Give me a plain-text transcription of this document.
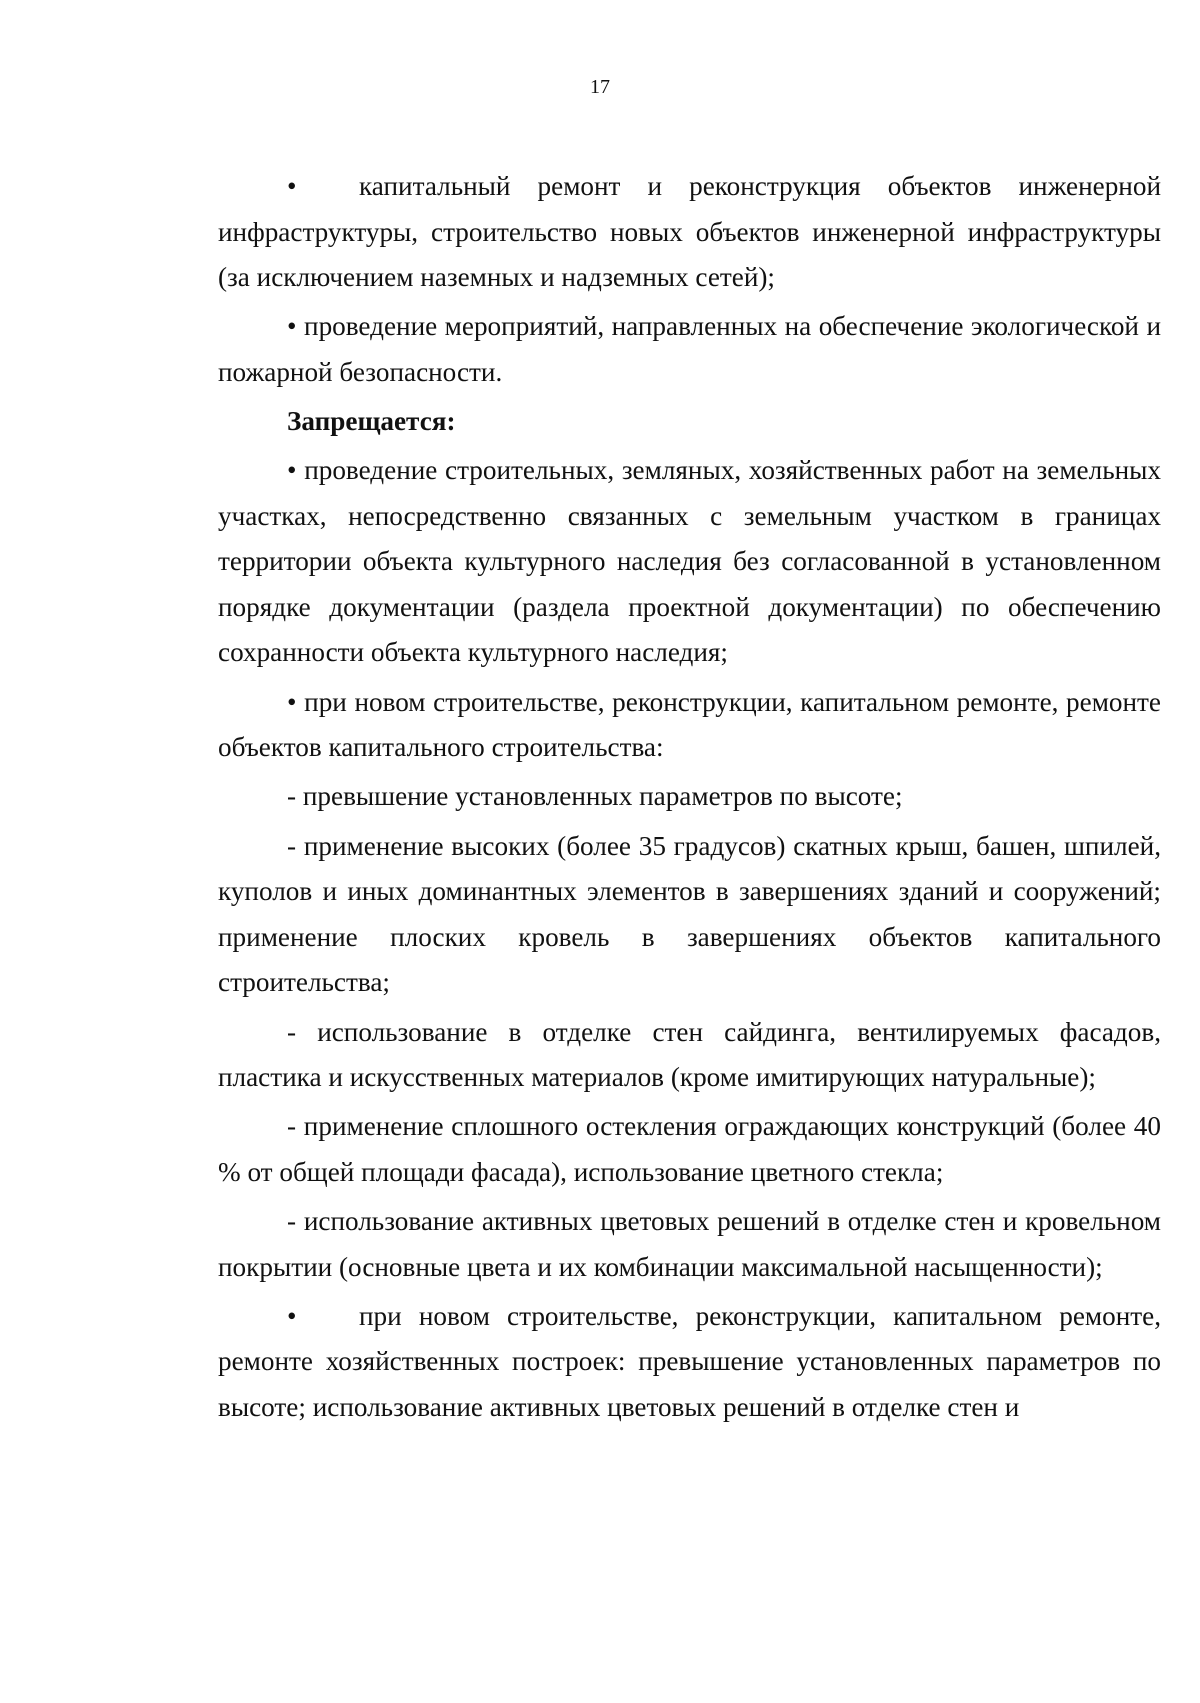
17

• капитальный ремонт и реконструкция объектов инженерной инфраструктуры, строительство новых объектов инженерной инфраструктуры (за исключением наземных и надземных сетей);

• проведение мероприятий, направленных на обеспечение экологической и пожарной безопасности.

Запрещается:

• проведение строительных, земляных, хозяйственных работ на земельных участках, непосредственно связанных с земельным участком в границах территории объекта культурного наследия без согласованной в установленном порядке документации (раздела проектной документации) по обеспечению сохранности объекта культурного наследия;

• при новом строительстве, реконструкции, капитальном ремонте, ремонте объектов капитального строительства:

- превышение установленных параметров по высоте;

- применение высоких (более 35 градусов) скатных крыш, башен, шпилей, куполов и иных доминантных элементов в завершениях зданий и сооружений; применение плоских кровель в завершениях объектов капитального строительства;

- использование в отделке стен сайдинга, вентилируемых фасадов, пластика и искусственных материалов (кроме имитирующих натуральные);

- применение сплошного остекления ограждающих конструкций (более 40 % от общей площади фасада), использование цветного стекла;

- использование активных цветовых решений в отделке стен и кровельном покрытии (основные цвета и их комбинации максимальной насыщенности);

• при новом строительстве, реконструкции, капитальном ремонте, ремонте хозяйственных построек: превышение установленных параметров по высоте; использование активных цветовых решений в отделке стен и
